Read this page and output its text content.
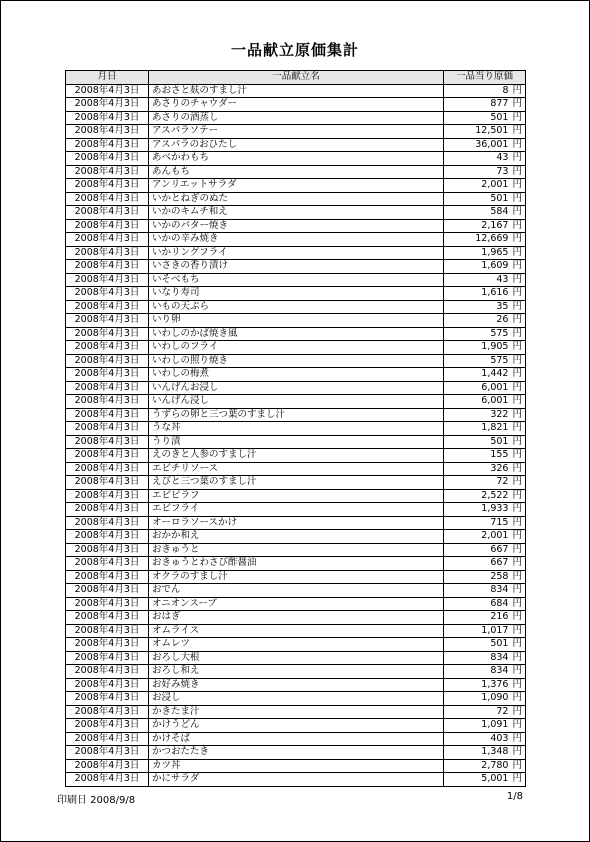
一品献立原価集計
月日	一品献立名	一品当り原価
2008年4月3日	あおさと麸のすまし汁	8 円
2008年4月3日	あさりのチャウダー	877 円
2008年4月3日	あさりの酒蒸し	501 円
2008年4月3日	アスパラソテー	12,501 円
2008年4月3日	アスパラのおひたし	36,001 円
2008年4月3日	あべかわもち	43 円
2008年4月3日	あんもち	73 円
2008年4月3日	アンリエットサラダ	2,001 円
2008年4月3日	いかとねぎのぬた	501 円
2008年4月3日	いかのキムチ和え	584 円
2008年4月3日	いかのバター焼き	2,167 円
2008年4月3日	いかの辛み焼き	12,669 円
2008年4月3日	いかリングフライ	1,965 円
2008年4月3日	いさきの香り漬け	1,609 円
2008年4月3日	いそべもち	43 円
2008年4月3日	いなり寿司	1,616 円
2008年4月3日	いもの天ぷら	35 円
2008年4月3日	いり卵	26 円
2008年4月3日	いわしのかば焼き風	575 円
2008年4月3日	いわしのフライ	1,905 円
2008年4月3日	いわしの照り焼き	575 円
2008年4月3日	いわしの梅煮	1,442 円
2008年4月3日	いんげんお浸し	6,001 円
2008年4月3日	いんげん浸し	6,001 円
2008年4月3日	うずらの卵と三つ葉のすまし汁	322 円
2008年4月3日	うな丼	1,821 円
2008年4月3日	うり漬	501 円
2008年4月3日	えのきと人参のすまし汁	155 円
2008年4月3日	エビチリソース	326 円
2008年4月3日	えびと三つ葉のすまし汁	72 円
2008年4月3日	エビピラフ	2,522 円
2008年4月3日	エビフライ	1,933 円
2008年4月3日	オーロラソースかけ	715 円
2008年4月3日	おかか和え	2,001 円
2008年4月3日	おきゅうと	667 円
2008年4月3日	おきゅうとわさび酢醤油	667 円
2008年4月3日	オクラのすまし汁	258 円
2008年4月3日	おでん	834 円
2008年4月3日	オニオンスープ	684 円
2008年4月3日	おはぎ	216 円
2008年4月3日	オムライス	1,017 円
2008年4月3日	オムレツ	501 円
2008年4月3日	おろし大根	834 円
2008年4月3日	おろし和え	834 円
2008年4月3日	お好み焼き	1,376 円
2008年4月3日	お浸し	1,090 円
2008年4月3日	かきたま汁	72 円
2008年4月3日	かけうどん	1,091 円
2008年4月3日	かけそば	403 円
2008年4月3日	かつおたたき	1,348 円
2008年4月3日	カツ丼	2,780 円
2008年4月3日	かにサラダ	5,001 円
印刷日 2008/9/8	1/8
